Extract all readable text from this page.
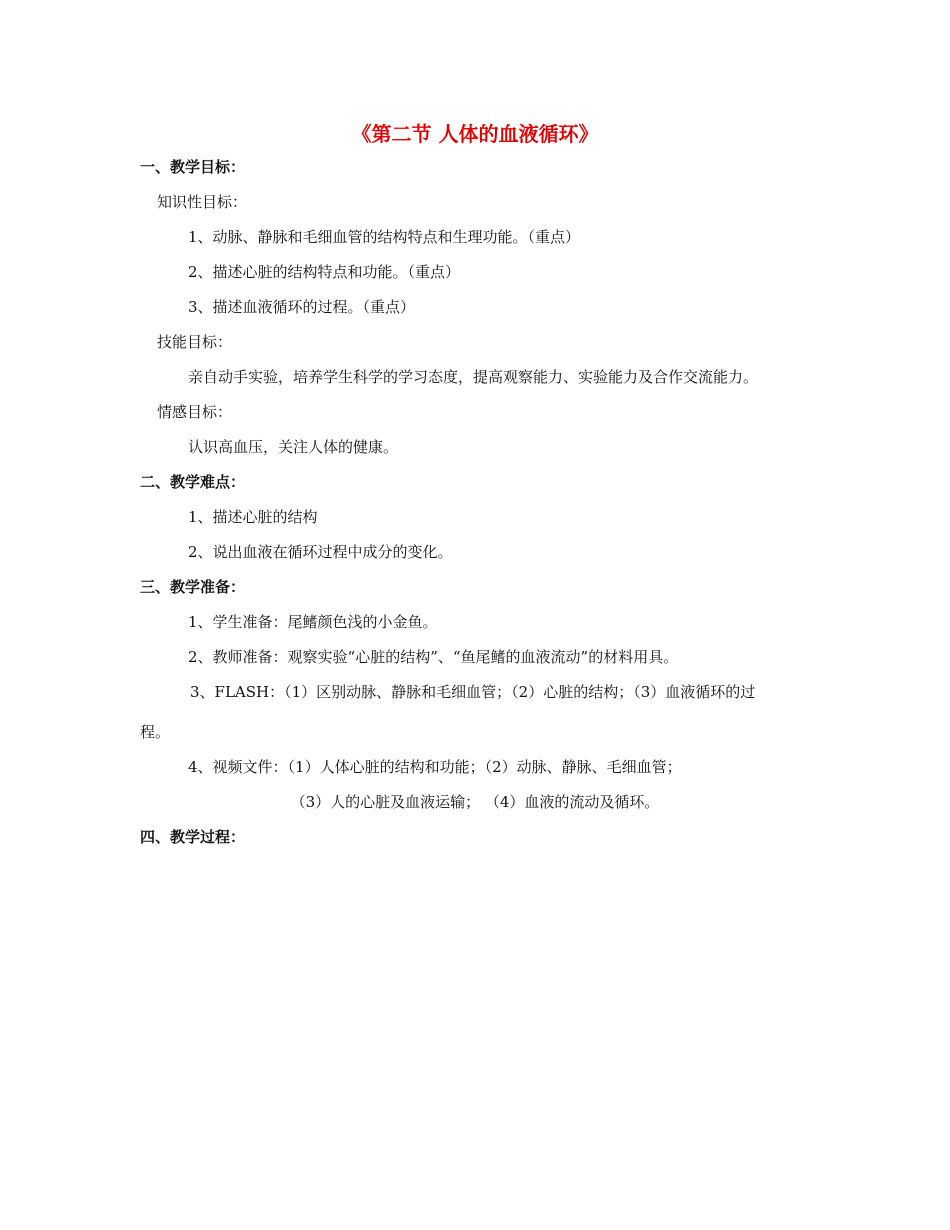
《第二节 人体的血液循环》
一、教学目标：
知识性目标：
1、动脉、静脉和毛细血管的结构特点和生理功能。（重点）
2、描述心脏的结构特点和功能。（重点）
3、描述血液循环的过程。（重点）
技能目标：
亲自动手实验，培养学生科学的学习态度，提高观察能力、实验能力及合作交流能力。
情感目标：
认识高血压，关注人体的健康。
二、教学难点：
1、描述心脏的结构
2、说出血液在循环过程中成分的变化。
三、教学准备：
1、学生准备：尾鳍颜色浅的小金鱼。
2、教师准备：观察实验“心脏的结构”、“鱼尾鳍的血液流动”的材料用具。
3、FLASH：（1）区别动脉、静脉和毛细血管；（2）心脏的结构；（3）血液循环的过
程。
4、视频文件：（1）人体心脏的结构和功能；（2）动脉、静脉、毛细血管；
（3）人的心脏及血液运输； （4）血液的流动及循环。
四、教学过程：
